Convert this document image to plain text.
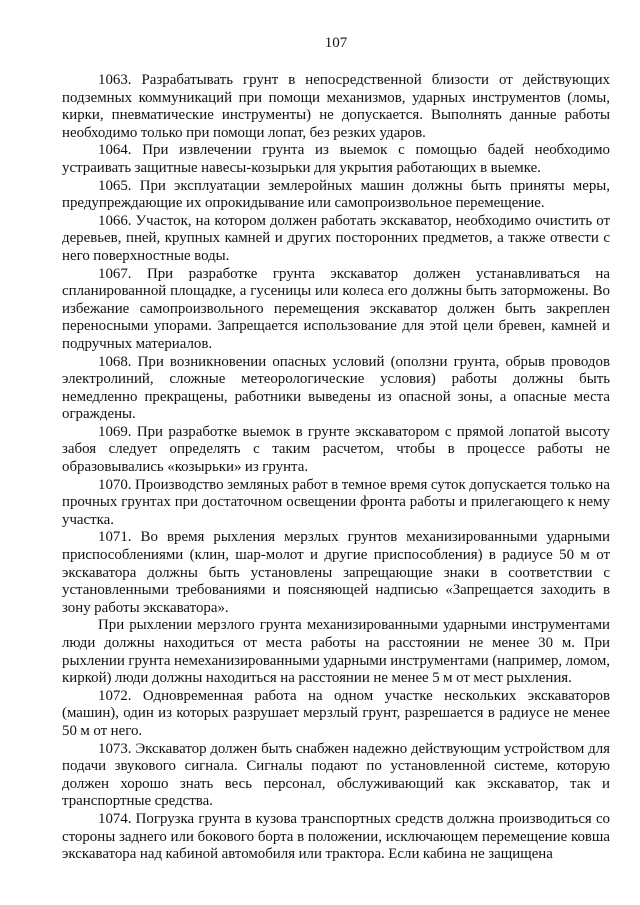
107

1063. Разрабатывать грунт в непосредственной близости от действующих подземных коммуникаций при помощи механизмов, ударных инструментов (ломы, кирки, пневматические инструменты) не допускается. Выполнять данные работы необходимо только при помощи лопат, без резких ударов.

1064. При извлечении грунта из выемок с помощью бадей необходимо устраивать защитные навесы-козырьки для укрытия работающих в выемке.

1065. При эксплуатации землеройных машин должны быть приняты меры, предупреждающие их опрокидывание или самопроизвольное перемещение.

1066. Участок, на котором должен работать экскаватор, необходимо очистить от деревьев, пней, крупных камней и других посторонних предметов, а также отвести с него поверхностные воды.

1067. При разработке грунта экскаватор должен устанавливаться на спланированной площадке, а гусеницы или колеса его должны быть заторможены. Во избежание самопроизвольного перемещения экскаватор должен быть закреплен переносными упорами. Запрещается использование для этой цели бревен, камней и подручных материалов.

1068. При возникновении опасных условий (оползни грунта, обрыв проводов электролиний, сложные метеорологические условия) работы должны быть немедленно прекращены, работники выведены из опасной зоны, а опасные места ограждены.

1069. При разработке выемок в грунте экскаватором с прямой лопатой высоту забоя следует определять с таким расчетом, чтобы в процессе работы не образовывались «козырьки» из грунта.

1070. Производство земляных работ в темное время суток допускается только на прочных грунтах при достаточном освещении фронта работы и прилегающего к нему участка.

1071. Во время рыхления мерзлых грунтов механизированными ударными приспособлениями (клин, шар-молот и другие приспособления) в радиусе 50 м от экскаватора должны быть установлены запрещающие знаки в соответствии с установленными требованиями и поясняющей надписью «Запрещается заходить в зону работы экскаватора».

При рыхлении мерзлого грунта механизированными ударными инструментами люди должны находиться от места работы на расстоянии не менее 30 м. При рыхлении грунта немеханизированными ударными инструментами (например, ломом, киркой) люди должны находиться на расстоянии не менее 5 м от мест рыхления.

1072. Одновременная работа на одном участке нескольких экскаваторов (машин), один из которых разрушает мерзлый грунт, разрешается в радиусе не менее 50 м от него.

1073. Экскаватор должен быть снабжен надежно действующим устройством для подачи звукового сигнала. Сигналы подают по установленной системе, которую должен хорошо знать весь персонал, обслуживающий как экскаватор, так и транспортные средства.

1074. Погрузка грунта в кузова транспортных средств должна производиться со стороны заднего или бокового борта в положении, исключающем перемещение ковша экскаватора над кабиной автомобиля или трактора. Если кабина не защищена
